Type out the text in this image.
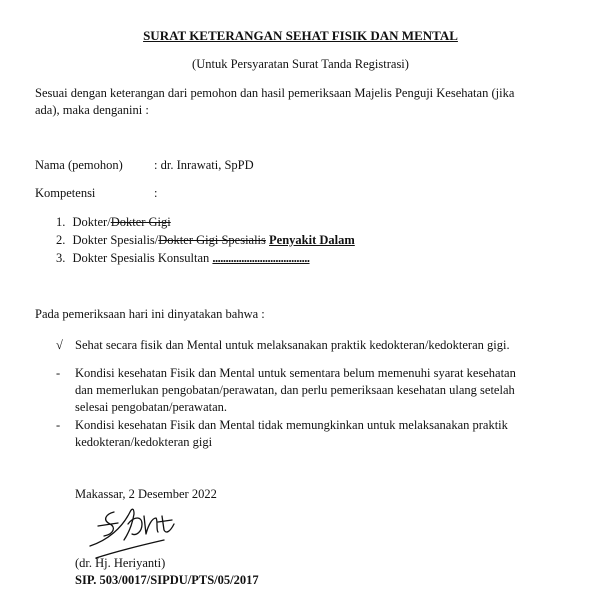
SURAT KETERANGAN SEHAT FISIK DAN MENTAL
(Untuk Persyaratan Surat Tanda Registrasi)
Sesuai dengan keterangan dari pemohon dan hasil pemeriksaan Majelis Penguji Kesehatan (jika
ada), maka denganini :
Nama (pemohon) : dr. Inrawati, SpPD
Kompetensi	:
1. Dokter/Dokter Gigi
2. Dokter Spesialis/Dokter Gigi Spesialis Penyakit Dalam
3. Dokter Spesialis Konsultan .....................................
Pada pemeriksaan hari ini dinyatakan bahwa :
√ Sehat secara fisik dan Mental untuk melaksanakan praktik kedokteran/kedokteran gigi.
- Kondisi kesehatan Fisik dan Mental untuk sementara belum memenuhi syarat kesehatan
dan memerlukan pengobatan/perawatan, dan perlu pemeriksaan kesehatan ulang setelah
selesai pengobatan/perawatan.
- Kondisi kesehatan Fisik dan Mental tidak memungkinkan untuk melaksanakan praktik
kedokteran/kedokteran gigi
Makassar, 2 Desember 2022
(dr. Hj. Heriyanti)
SIP. 503/0017/SIPDU/PTS/05/2017
